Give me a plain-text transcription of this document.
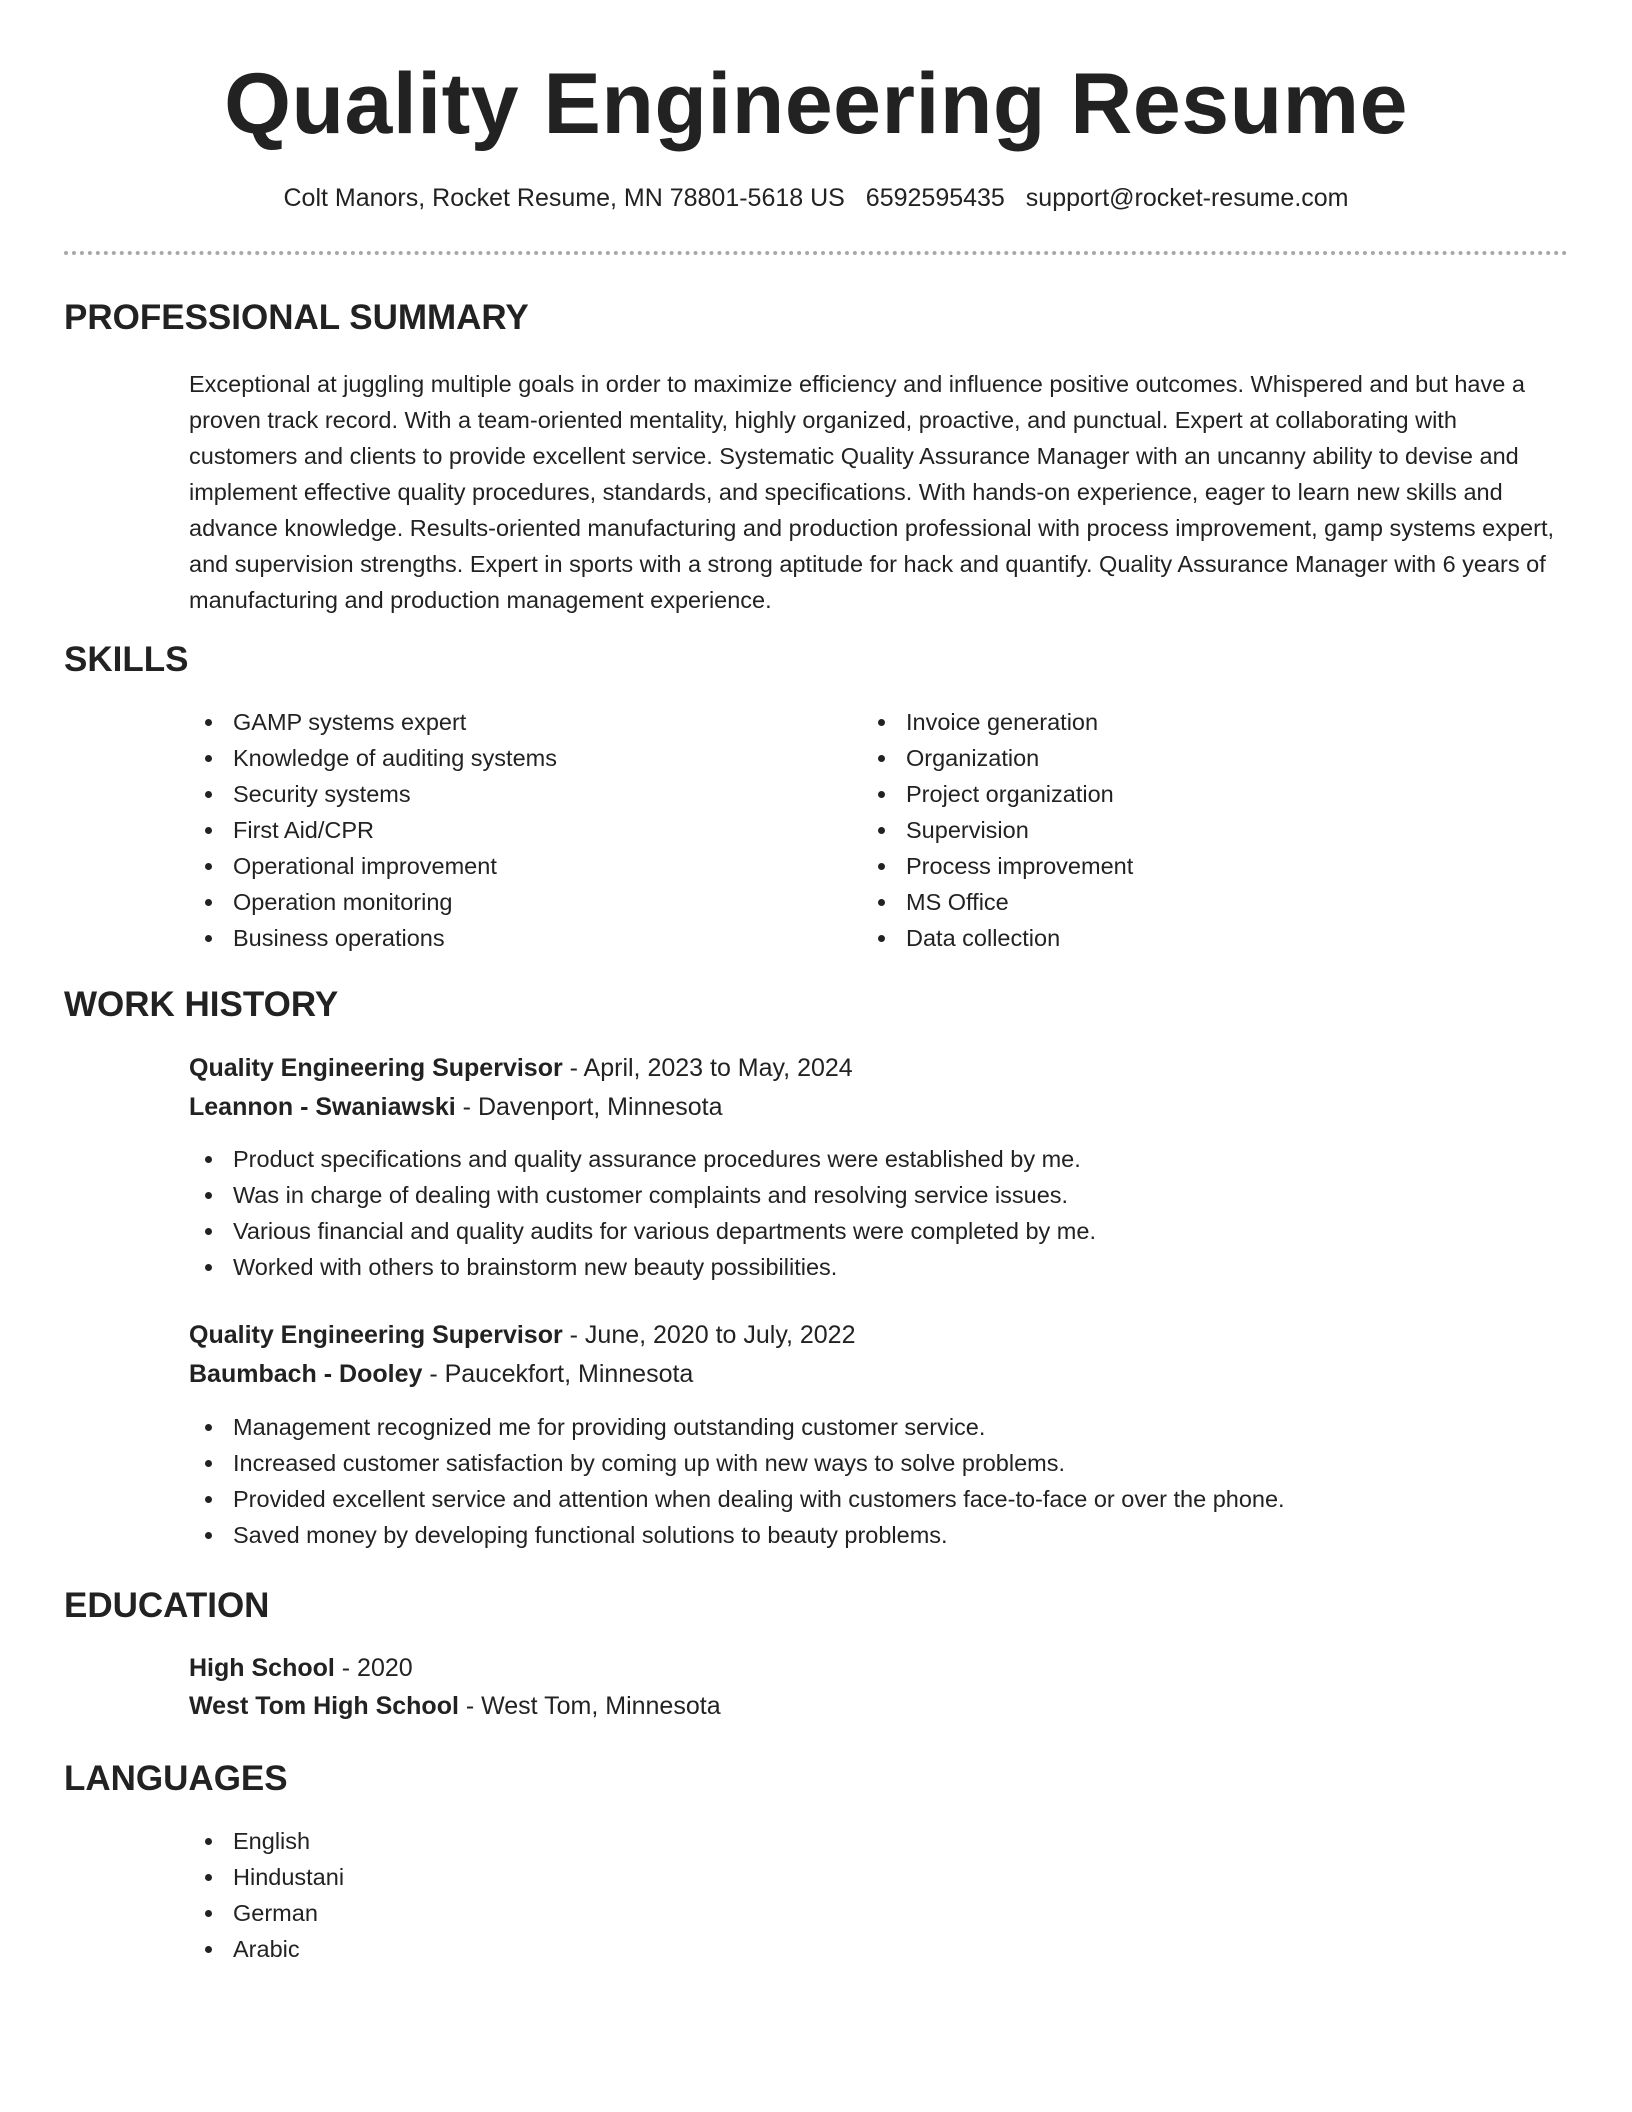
Quality Engineering Resume
Colt Manors, Rocket Resume, MN 78801-5618 US 6592595435 support@rocket-resume.com
PROFESSIONAL SUMMARY
Exceptional at juggling multiple goals in order to maximize efficiency and influence positive outcomes. Whispered and but have a proven track record. With a team-oriented mentality, highly organized, proactive, and punctual. Expert at collaborating with customers and clients to provide excellent service. Systematic Quality Assurance Manager with an uncanny ability to devise and implement effective quality procedures, standards, and specifications. With hands-on experience, eager to learn new skills and advance knowledge. Results-oriented manufacturing and production professional with process improvement, gamp systems expert, and supervision strengths. Expert in sports with a strong aptitude for hack and quantify. Quality Assurance Manager with 6 years of manufacturing and production management experience.
SKILLS
GAMP systems expert
Knowledge of auditing systems
Security systems
First Aid/CPR
Operational improvement
Operation monitoring
Business operations
Invoice generation
Organization
Project organization
Supervision
Process improvement
MS Office
Data collection
WORK HISTORY
Quality Engineering Supervisor - April, 2023 to May, 2024
Leannon - Swaniawski - Davenport, Minnesota
Product specifications and quality assurance procedures were established by me.
Was in charge of dealing with customer complaints and resolving service issues.
Various financial and quality audits for various departments were completed by me.
Worked with others to brainstorm new beauty possibilities.
Quality Engineering Supervisor - June, 2020 to July, 2022
Baumbach - Dooley - Paucekfort, Minnesota
Management recognized me for providing outstanding customer service.
Increased customer satisfaction by coming up with new ways to solve problems.
Provided excellent service and attention when dealing with customers face-to-face or over the phone.
Saved money by developing functional solutions to beauty problems.
EDUCATION
High School - 2020
West Tom High School - West Tom, Minnesota
LANGUAGES
English
Hindustani
German
Arabic
